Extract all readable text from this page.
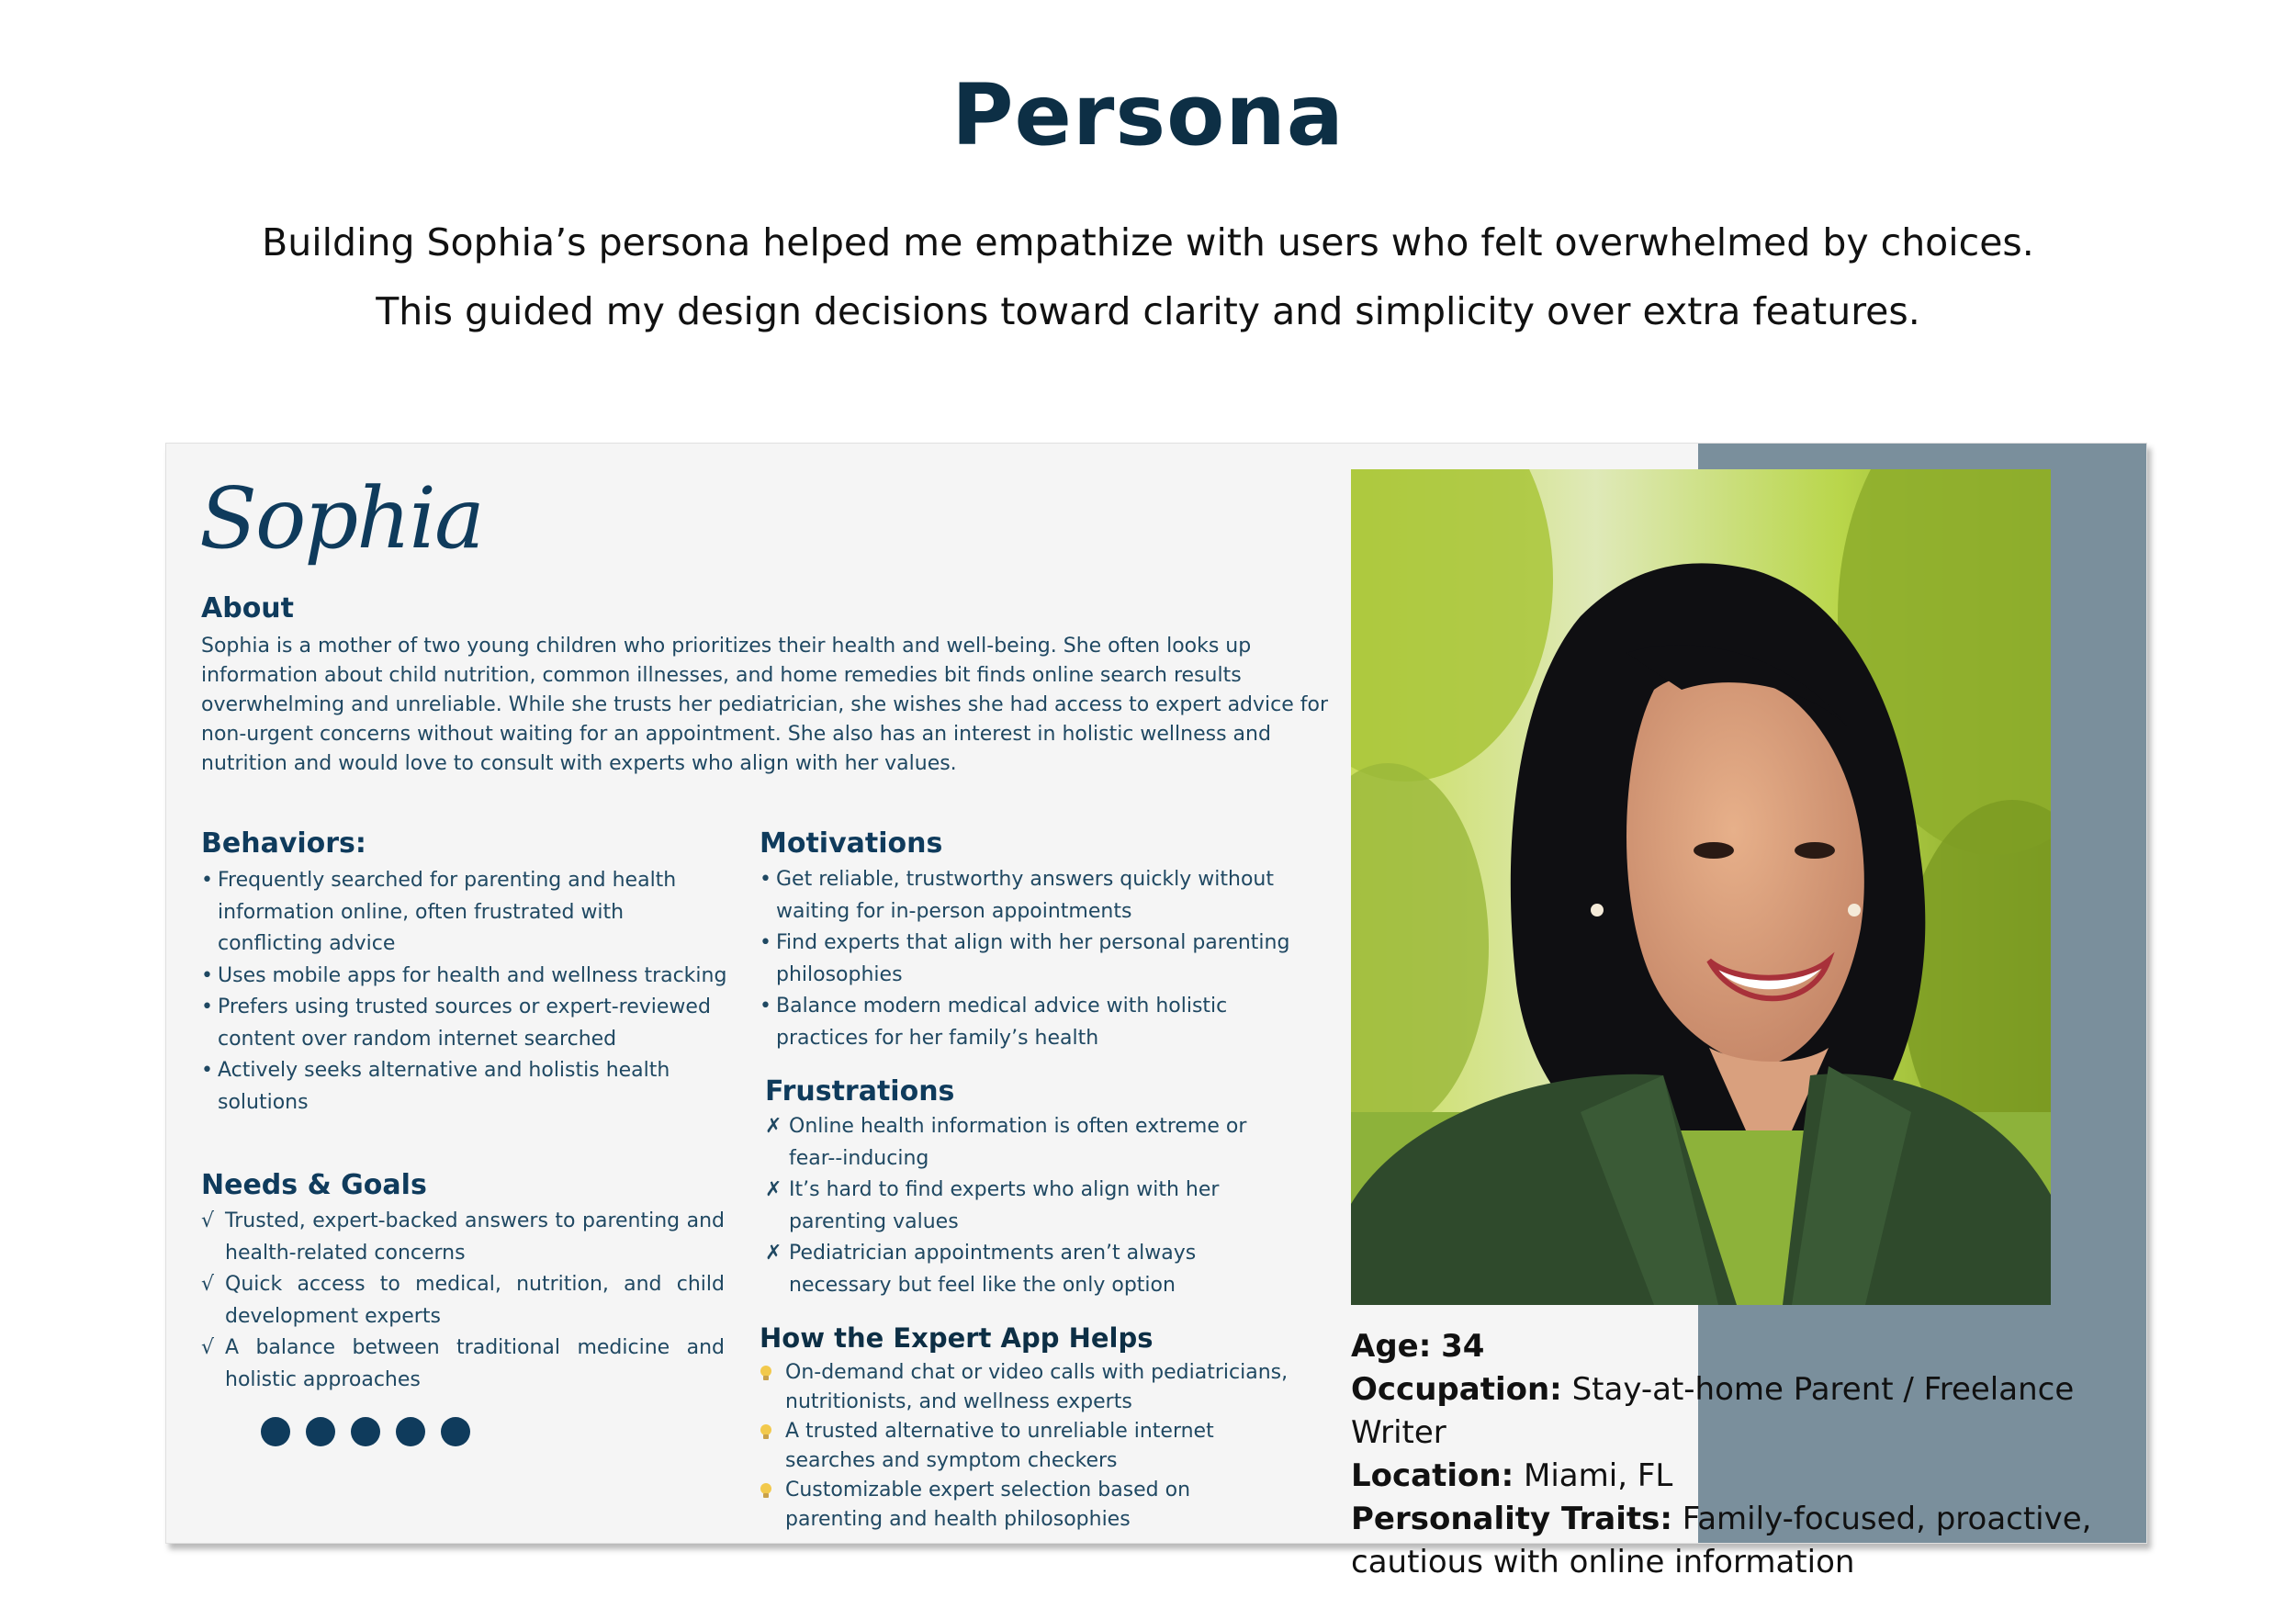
Persona
Building Sophia’s persona helped me empathize with users who felt overwhelmed by choices.
This guided my design decisions toward clarity and simplicity over extra features.
Sophia
About
Sophia is a mother of two young children who prioritizes their health and well-being. She often looks up information about child nutrition, common illnesses, and home remedies bit finds online search results overwhelming and unreliable. While she trusts her pediatrician, she wishes she had access to expert advice for non-urgent concerns without waiting for an appointment. She also has an interest in holistic wellness and nutrition and would love to consult with experts who align with her values.
Behaviors:
• Frequently searched for parenting and health information online, often frustrated with conflicting advice
• Uses mobile apps for health and wellness tracking
• Prefers using trusted sources or expert-reviewed content over random internet searched
• Actively seeks alternative and holistis health solutions
Needs & Goals
√ Trusted, expert-backed answers to parenting and health-related concerns
√ Quick access to medical, nutrition, and child development experts
√ A balance between traditional medicine and holistic approaches
Motivations
• Get reliable, trustworthy answers quickly without waiting for in-person appointments
• Find experts that align with her personal parenting philosophies
• Balance modern medical advice with holistic practices for her family’s health
Frustrations
✗ Online health information is often extreme or fear--inducing
✗ It’s hard to find experts who align with her parenting values
✗ Pediatrician appointments aren’t always necessary but feel like the only option
How the Expert App Helps
On-demand chat or video calls with pediatricians, nutritionists, and wellness experts
A trusted alternative to unreliable internet searches and symptom checkers
Customizable expert selection based on parenting and health philosophies
Age: 34
Occupation: Stay-at-home Parent / Freelance Writer
Location: Miami, FL
Personality Traits: Family-focused, proactive, cautious with online information
